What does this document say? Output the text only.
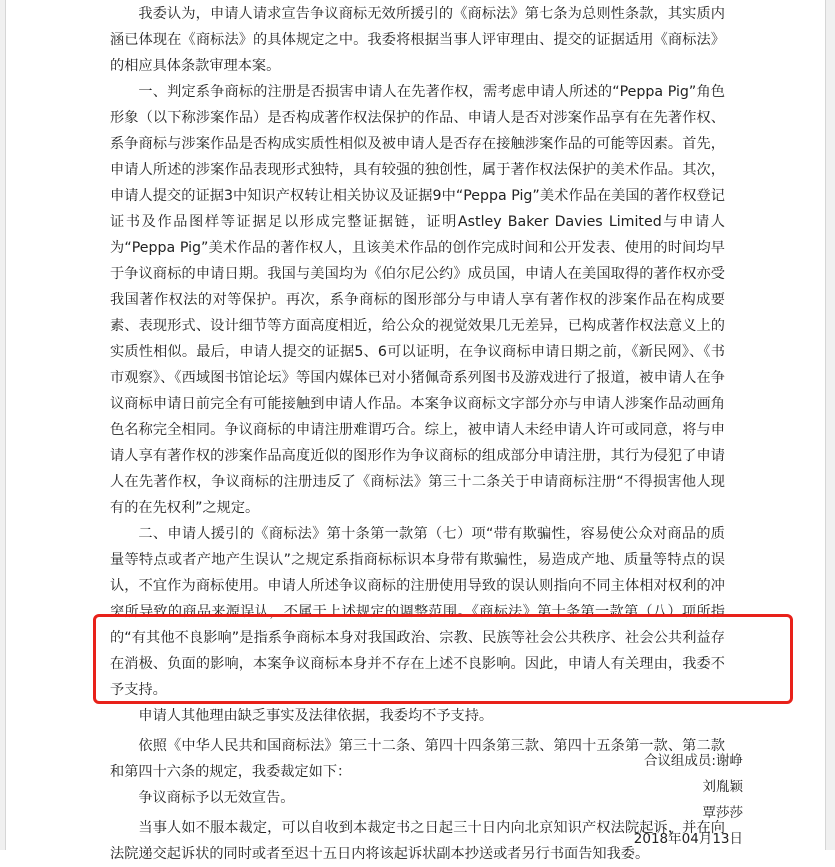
我委认为，申请人请求宣告争议商标无效所援引的《商标法》第七条为总则性条款，其实质内涵已体现在《商标法》的具体规定之中。我委将根据当事人评审理由、提交的证据适用《商标法》的相应具体条款审理本案。

一、判定系争商标的注册是否损害申请人在先著作权，需考虑申请人所述的“Peppa Pig”角色形象（以下称涉案作品）是否构成著作权法保护的作品、申请人是否对涉案作品享有在先著作权、系争商标与涉案作品是否构成实质性相似及被申请人是否存在接触涉案作品的可能等因素。首先，申请人所述的涉案作品表现形式独特，具有较强的独创性，属于著作权法保护的美术作品。其次，申请人提交的证据3中知识产权转让相关协议及证据9中“Peppa Pig”美术作品在美国的著作权登记证书及作品图样等证据足以形成完整证据链，证明Astley Baker Davies Limited与申请人为“Peppa Pig”美术作品的著作权人，且该美术作品的创作完成时间和公开发表、使用的时间均早于争议商标的申请日期。我国与美国均为《伯尔尼公约》成员国，申请人在美国取得的著作权亦受我国著作权法的对等保护。再次，系争商标的图形部分与申请人享有著作权的涉案作品在构成要素、表现形式、设计细节等方面高度相近，给公众的视觉效果几无差异，已构成著作权法意义上的实质性相似。最后，申请人提交的证据5、6可以证明，在争议商标申请日期之前，《新民网》、《书市观察》、《西域图书馆论坛》等国内媒体已对小猪佩奇系列图书及游戏进行了报道，被申请人在争议商标申请日前完全有可能接触到申请人作品。本案争议商标文字部分亦与申请人涉案作品动画角色名称完全相同。争议商标的申请注册难谓巧合。综上，被申请人未经申请人许可或同意，将与申请人享有著作权的涉案作品高度近似的图形作为争议商标的组成部分申请注册，其行为侵犯了申请人在先著作权，争议商标的注册违反了《商标法》第三十二条关于申请商标注册“不得损害他人现有的在先权利”之规定。

二、申请人援引的《商标法》第十条第一款第（七）项“带有欺骗性，容易使公众对商品的质量等特点或者产地产生误认”之规定系指商标标识本身带有欺骗性，易造成产地、质量等特点的误认，不宜作为商标使用。申请人所述争议商标的注册使用导致的误认则指向不同主体相对权利的冲突所导致的商品来源误认，不属于上述规定的调整范围。《商标法》第十条第一款第（八）项所指的“有其他不良影响”是指系争商标本身对我国政治、宗教、民族等社会公共秩序、社会公共利益存在消极、负面的影响，本案争议商标本身并不存在上述不良影响。因此，申请人有关理由，我委不予支持。

申请人其他理由缺乏事实及法律依据，我委均不予支持。

依照《中华人民共和国商标法》第三十二条、第四十四条第三款、第四十五条第一款、第二款和第四十六条的规定，我委裁定如下：

争议商标予以无效宣告。

当事人如不服本裁定，可以自收到本裁定书之日起三十日内向北京知识产权法院起诉，并在向法院递交起诉状的同时或者至迟十五日内将该起诉状副本抄送或者另行书面告知我委。

合议组成员:谢峥
刘胤颖
覃莎莎
2018年04月13日
